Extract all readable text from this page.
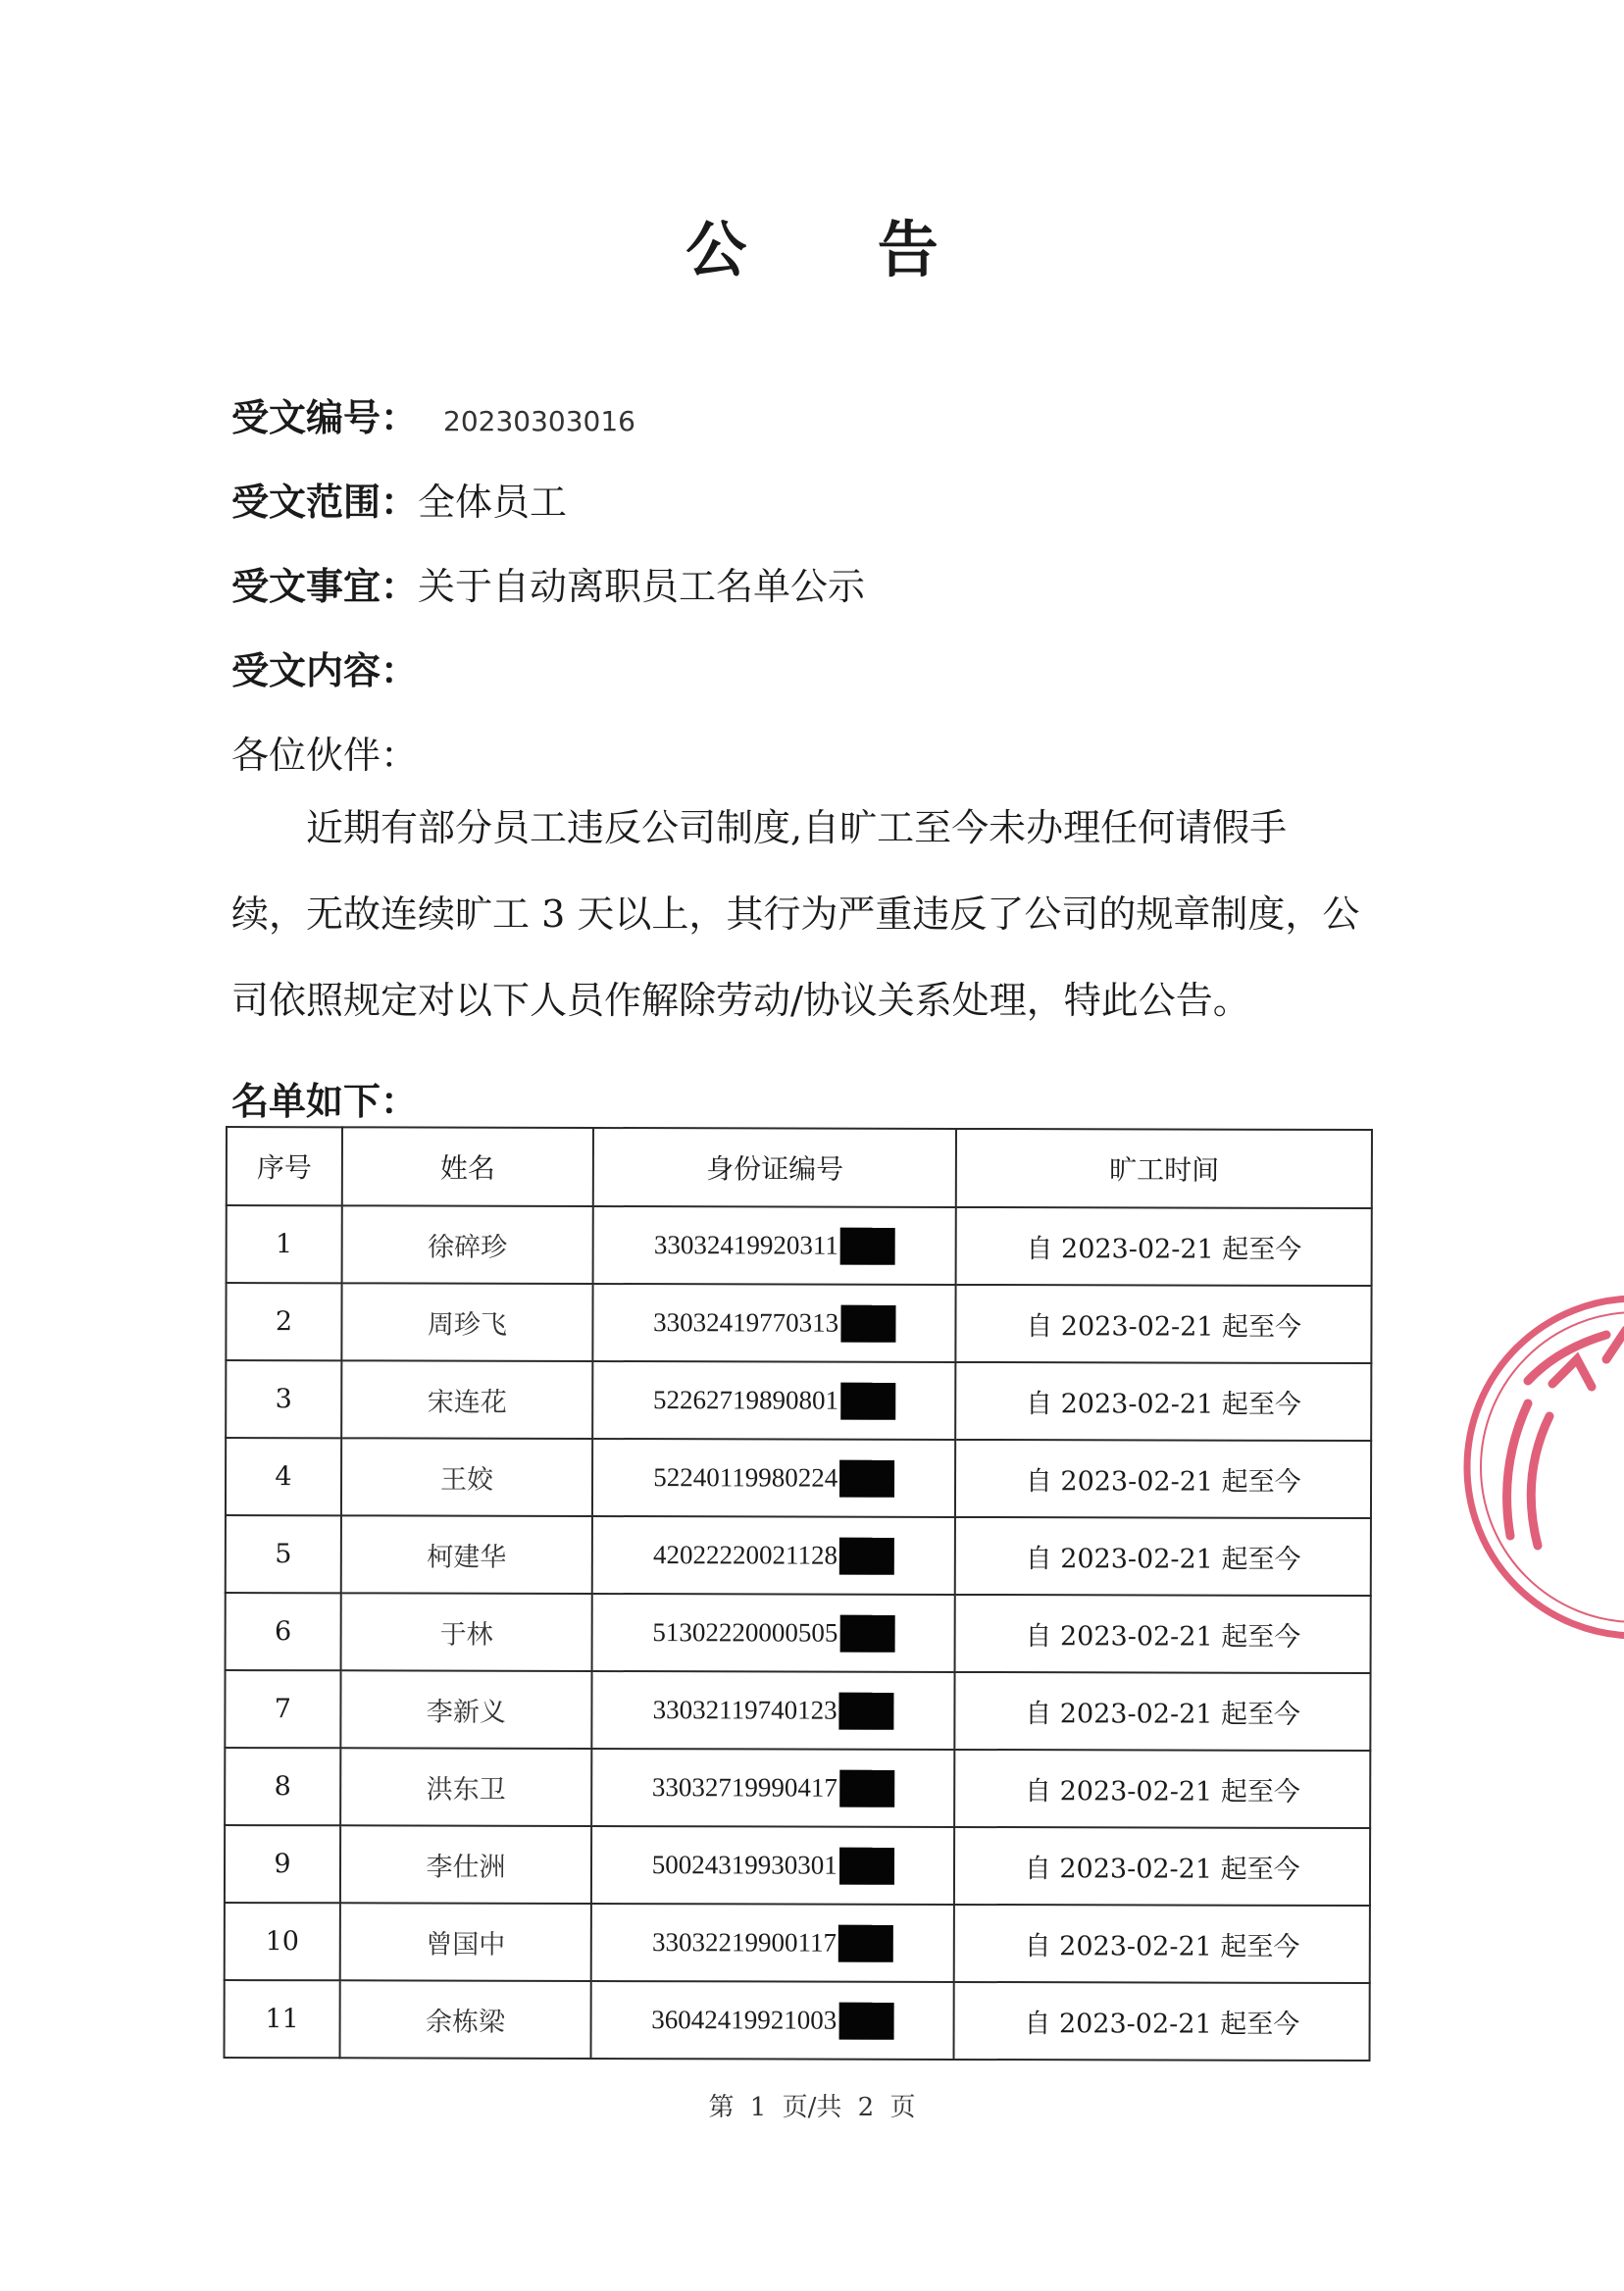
公 告
受文编号： 20230303016
受文范围：全体员工
受文事宜：关于自动离职员工名单公示
受文内容：
各位伙伴：
近期有部分员工违反公司制度,自旷工至今未办理任何请假手
续，无故连续旷工 3 天以上，其行为严重违反了公司的规章制度，公
司依照规定对以下人员作解除劳动/协议关系处理，特此公告。
名单如下：
序号	姓名	身份证编号	旷工时间
1	徐碎珍	33032419920311	自 2023-02-21 起至今
2	周珍飞	33032419770313	自 2023-02-21 起至今
3	宋连花	52262719890801	自 2023-02-21 起至今
4	王姣	52240119980224	自 2023-02-21 起至今
5	柯建华	42022220021128	自 2023-02-21 起至今
6	于林	51302220000505	自 2023-02-21 起至今
7	李新义	33032119740123	自 2023-02-21 起至今
8	洪东卫	33032719990417	自 2023-02-21 起至今
9	李仕洲	50024319930301	自 2023-02-21 起至今
10	曾国中	33032219900117	自 2023-02-21 起至今
11	余栋梁	36042419921003	自 2023-02-21 起至今
第 1 页/共 2 页
